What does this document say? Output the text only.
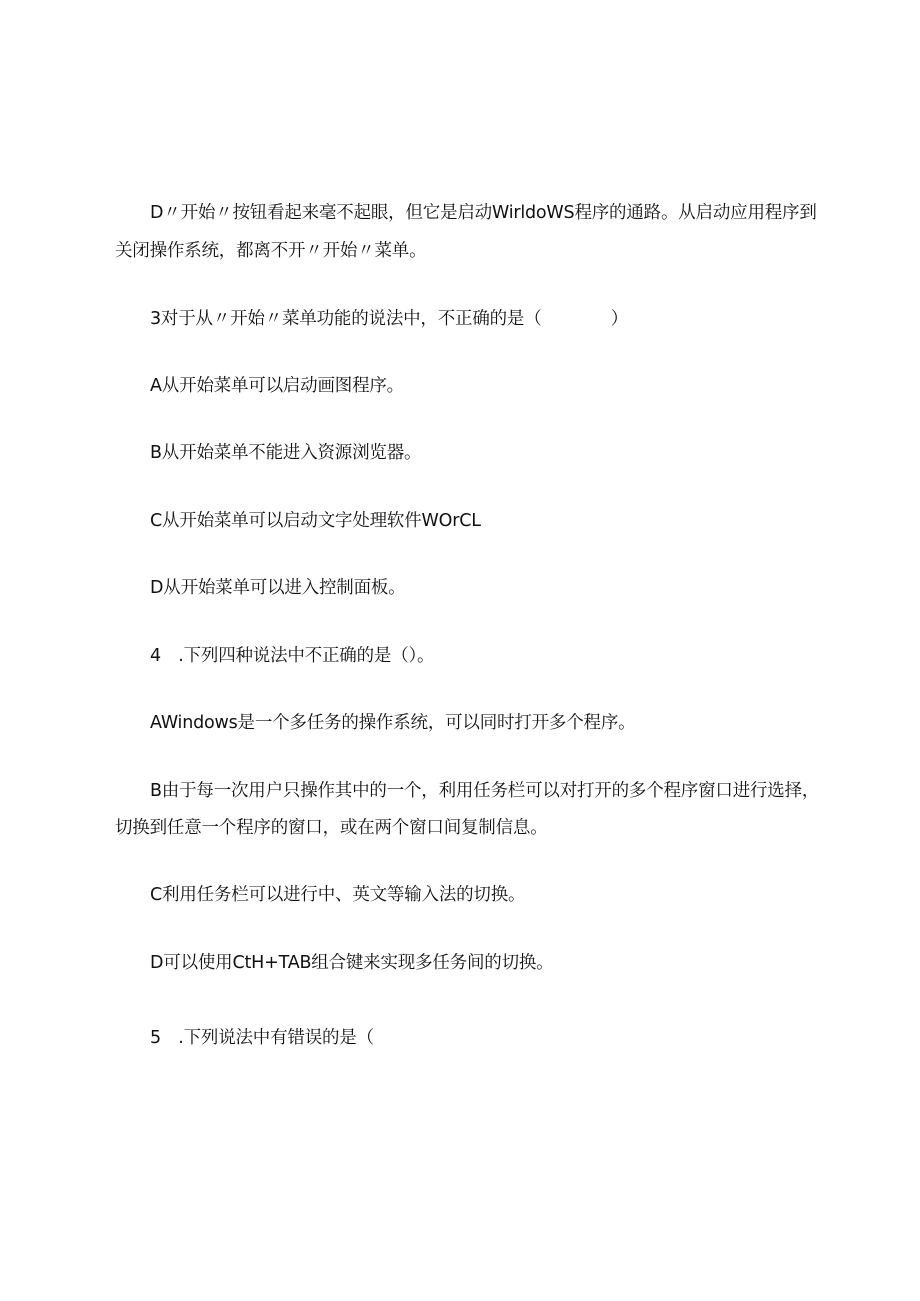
D〃开始〃按钮看起来毫不起眼，但它是启动WirldoWS程序的通路。从启动应用程序到
关闭操作系统，都离不开〃开始〃菜单。
3对于从〃开始〃菜单功能的说法中，不正确的是（　　　　）
A从开始菜单可以启动画图程序。
B从开始菜单不能进入资源浏览器。
C从开始菜单可以启动文字处理软件WOrCL
D从开始菜单可以进入控制面板。
4　.下列四种说法中不正确的是（）。
AWindows是一个多任务的操作系统，可以同时打开多个程序。
B由于每一次用户只操作其中的一个，利用任务栏可以对打开的多个程序窗口进行选择，
切换到任意一个程序的窗口，或在两个窗口间复制信息。
C利用任务栏可以进行中、英文等输入法的切换。
D可以使用CtH+TAB组合键来实现多任务间的切换。
5　.下列说法中有错误的是（
